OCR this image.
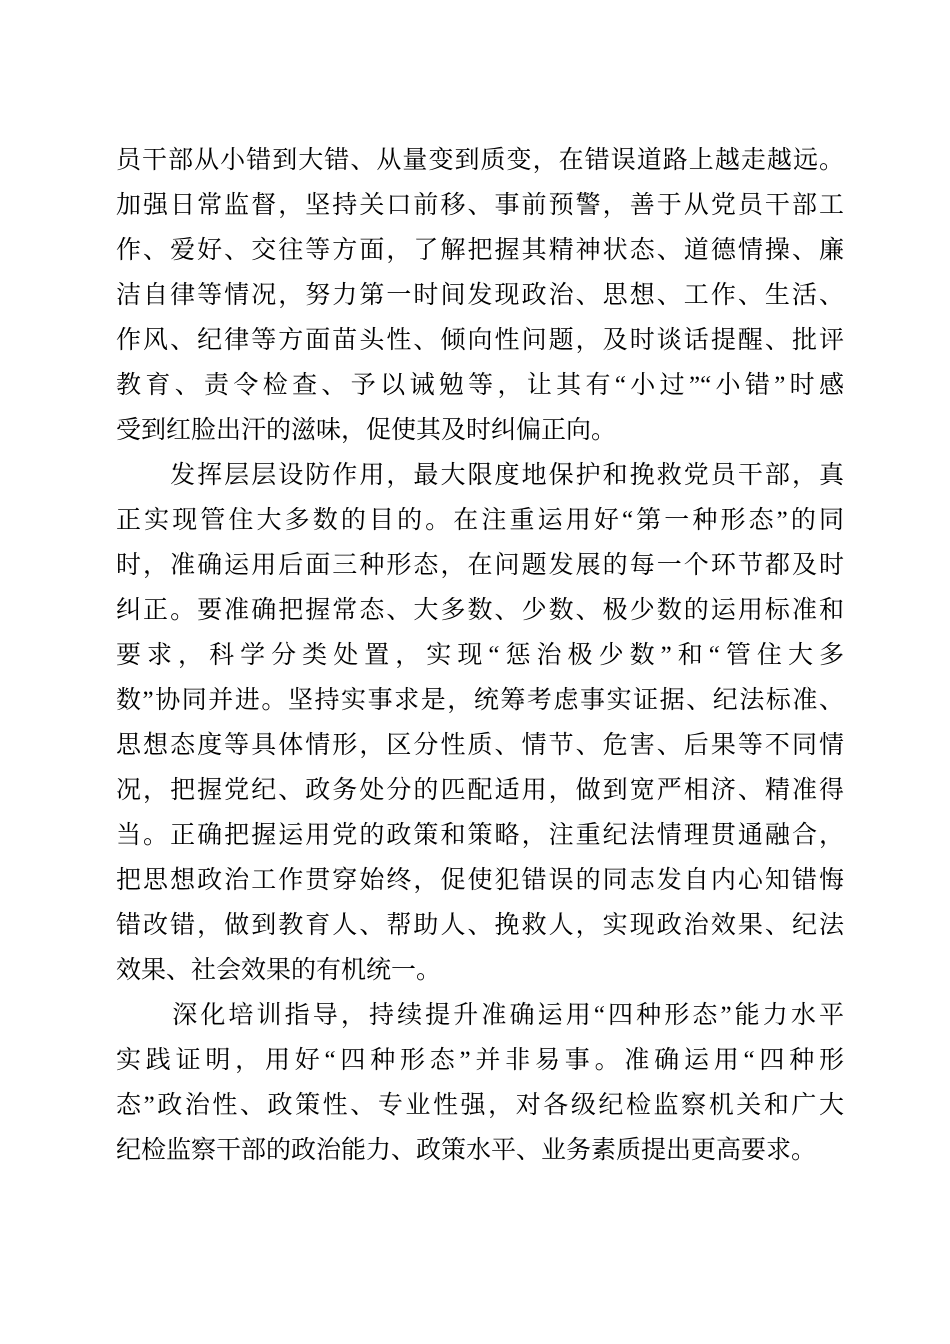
员干部从小错到大错、从量变到质变，在错误道路上越走越远。
加强日常监督，坚持关口前移、事前预警，善于从党员干部工
作、爱好、交往等方面，了解把握其精神状态、道德情操、廉
洁自律等情况，努力第一时间发现政治、思想、工作、生活、
作风、纪律等方面苗头性、倾向性问题，及时谈话提醒、批评
教育、责令检查、予以诫勉等，让其有“小过”“小错”时感
受到红脸出汗的滋味，促使其及时纠偏正向。
　　发挥层层设防作用，最大限度地保护和挽救党员干部，真
正实现管住大多数的目的。在注重运用好“第一种形态”的同
时，准确运用后面三种形态，在问题发展的每一个环节都及时
纠正。要准确把握常态、大多数、少数、极少数的运用标准和
要求，科学分类处置，实现“惩治极少数”和“管住大多
数”协同并进。坚持实事求是，统筹考虑事实证据、纪法标准、
思想态度等具体情形，区分性质、情节、危害、后果等不同情
况，把握党纪、政务处分的匹配适用，做到宽严相济、精准得
当。正确把握运用党的政策和策略，注重纪法情理贯通融合，
把思想政治工作贯穿始终，促使犯错误的同志发自内心知错悔
错改错，做到教育人、帮助人、挽救人，实现政治效果、纪法
效果、社会效果的有机统一。
　　深化培训指导，持续提升准确运用“四种形态”能力水平
实践证明，用好“四种形态”并非易事。准确运用“四种形
态”政治性、政策性、专业性强，对各级纪检监察机关和广大
纪检监察干部的政治能力、政策水平、业务素质提出更高要求。
